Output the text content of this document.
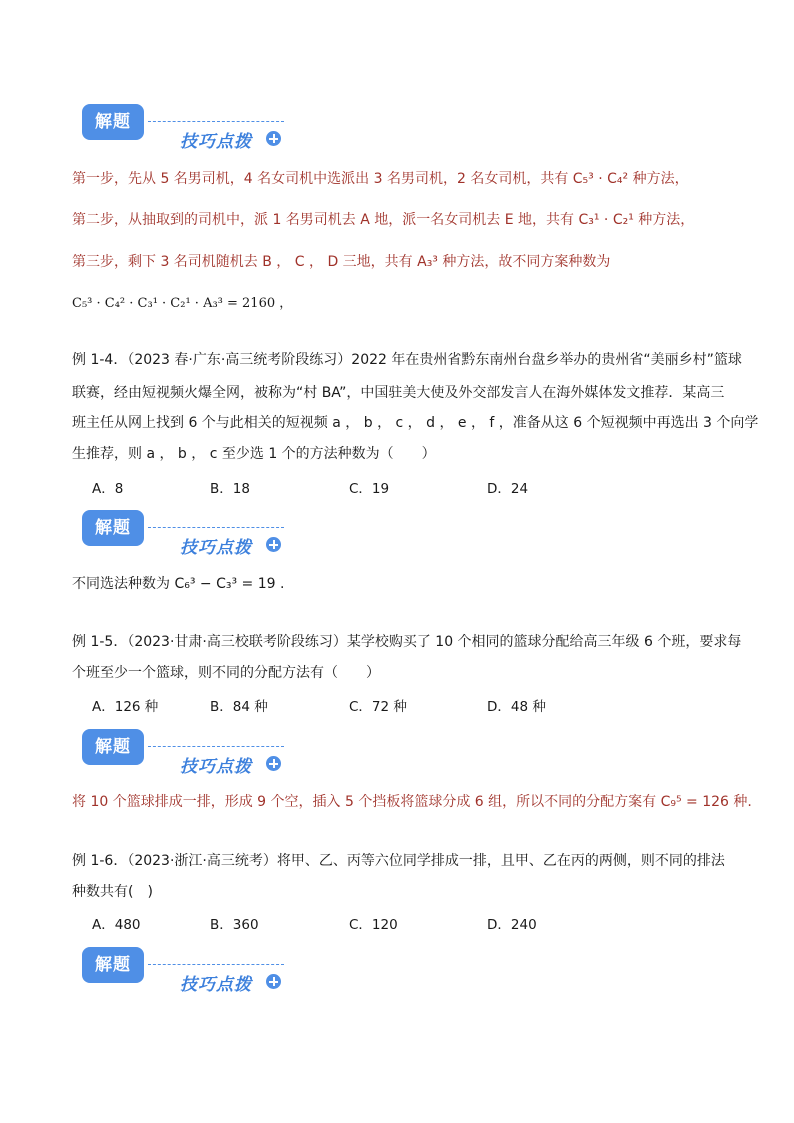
解题
技巧点拨
第一步，先从 5 名男司机，4 名女司机中选派出 3 名男司机，2 名女司机，共有 C₅³ · C₄² 种方法，
第二步，从抽取到的司机中，派 1 名男司机去 A 地，派一名女司机去 E 地，共有 C₃¹ · C₂¹ 种方法，
第三步，剩下 3 名司机随机去 B ， C ， D 三地，共有 A₃³ 种方法，故不同方案种数为
C₅³ · C₄² · C₃¹ · C₂¹ · A₃³ = 2160 ，
例 1-4．（2023 春·广东·高三统考阶段练习）2022 年在贵州省黔东南州台盘乡举办的贵州省“美丽乡村”篮球
联赛，经由短视频火爆全网，被称为“村 BA”，中国驻美大使及外交部发言人在海外媒体发文推荐．某高三
班主任从网上找到 6 个与此相关的短视频 a ， b ， c ， d ， e ， f ，准备从这 6 个短视频中再选出 3 个向学
生推荐，则 a ， b ， c 至少选 1 个的方法种数为（　　）
A．8	B．18	C．19	D．24
解题
技巧点拨
不同选法种数为 C₆³ − C₃³ = 19 .
例 1-5．（2023·甘肃·高三校联考阶段练习）某学校购买了 10 个相同的篮球分配给高三年级 6 个班，要求每
个班至少一个篮球，则不同的分配方法有（　　）
A．126 种	B．84 种	C．72 种	D．48 种
解题
技巧点拨
将 10 个篮球排成一排，形成 9 个空，插入 5 个挡板将篮球分成 6 组，所以不同的分配方案有 C₉⁵ = 126 种.
例 1-6．（2023·浙江·高三统考）将甲、乙、丙等六位同学排成一排，且甲、乙在丙的两侧，则不同的排法
种数共有(　)
A．480	B．360	C．120	D．240
解题
技巧点拨
